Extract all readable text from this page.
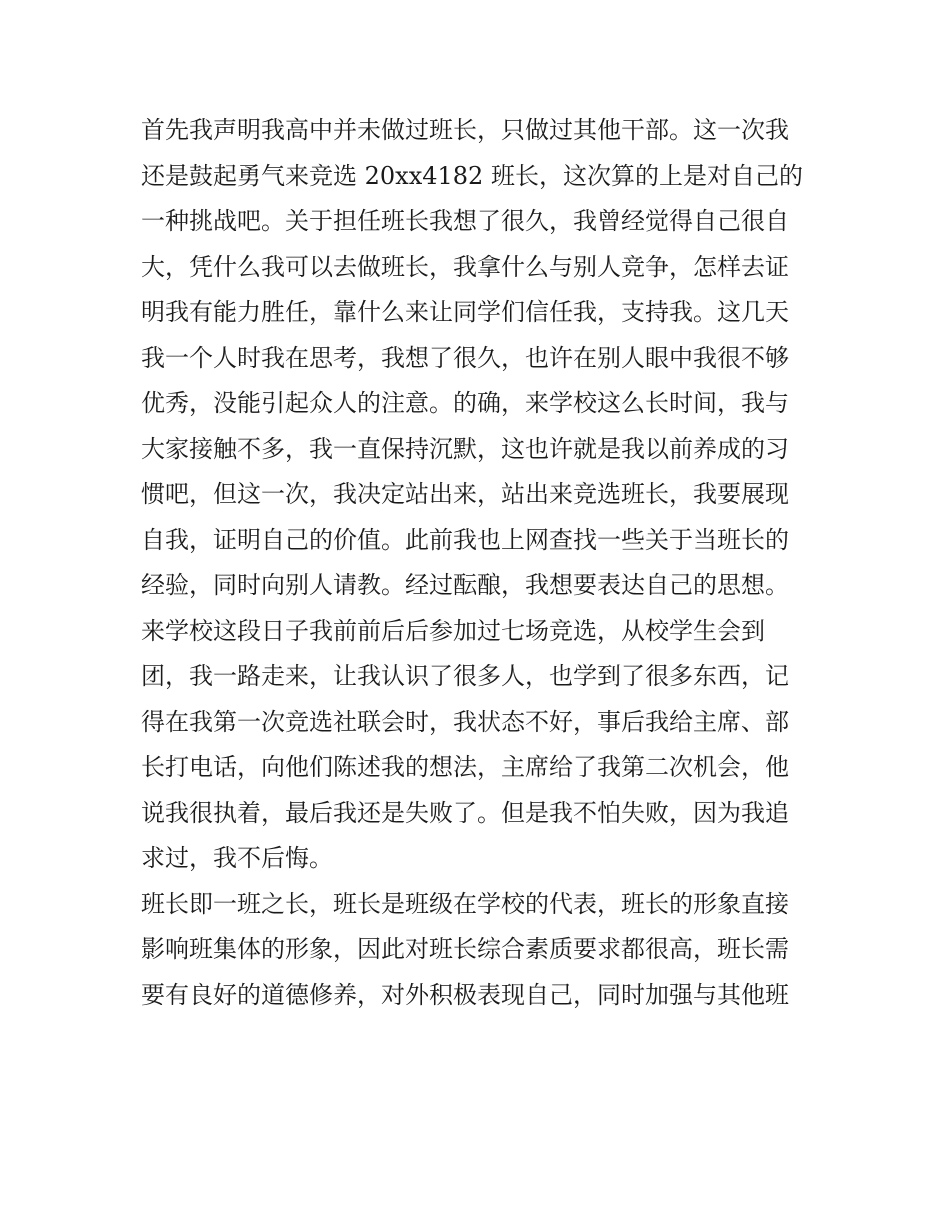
首先我声明我高中并未做过班长，只做过其他干部。这一次我
还是鼓起勇气来竞选 20xx4182 班长，这次算的上是对自己的
一种挑战吧。关于担任班长我想了很久，我曾经觉得自己很自
大，凭什么我可以去做班长，我拿什么与别人竞争，怎样去证
明我有能力胜任，靠什么来让同学们信任我，支持我。这几天
我一个人时我在思考，我想了很久，也许在别人眼中我很不够
优秀，没能引起众人的注意。的确，来学校这么长时间，我与
大家接触不多，我一直保持沉默，这也许就是我以前养成的习
惯吧，但这一次，我决定站出来，站出来竞选班长，我要展现
自我，证明自己的价值。此前我也上网查找一些关于当班长的
经验，同时向别人请教。经过酝酿，我想要表达自己的思想。
来学校这段日子我前前后后参加过七场竞选，从校学生会到
团，我一路走来，让我认识了很多人，也学到了很多东西，记
得在我第一次竞选社联会时，我状态不好，事后我给主席、部
长打电话，向他们陈述我的想法，主席给了我第二次机会，他
说我很执着，最后我还是失败了。但是我不怕失败，因为我追
求过，我不后悔。
班长即一班之长，班长是班级在学校的代表，班长的形象直接
影响班集体的形象，因此对班长综合素质要求都很高，班长需
要有良好的道德修养，对外积极表现自己，同时加强与其他班
